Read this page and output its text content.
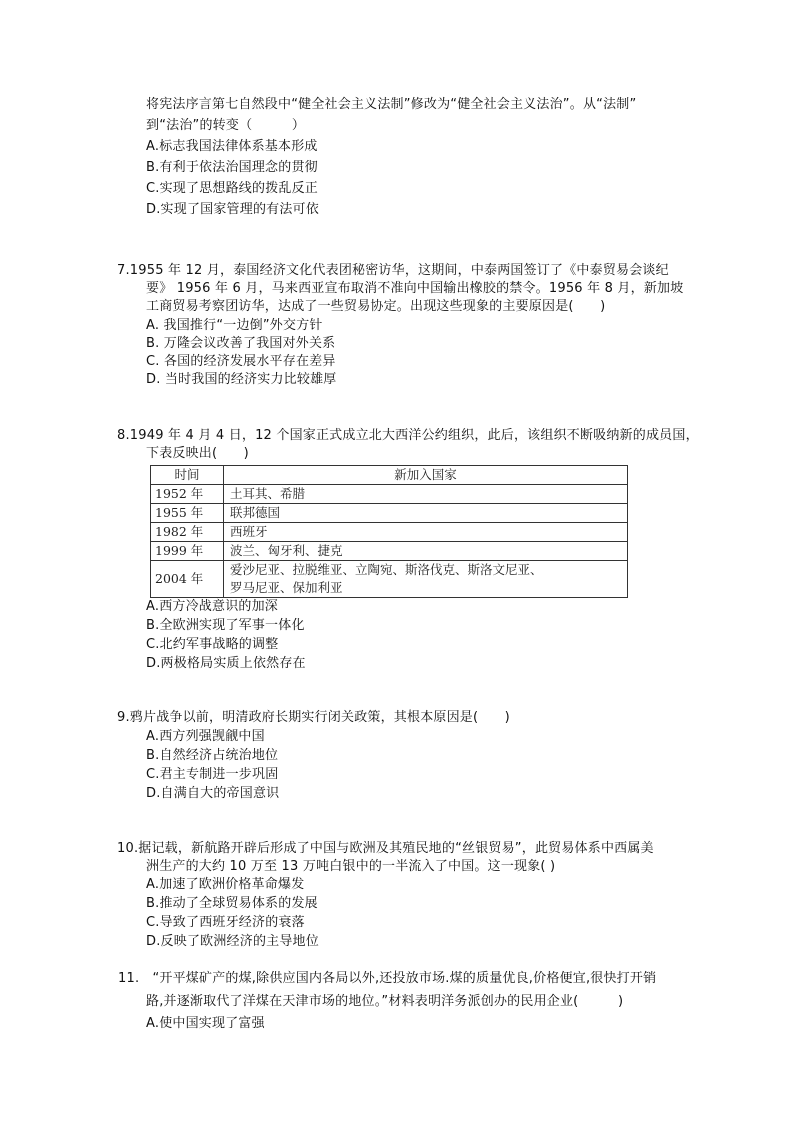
将宪法序言第七自然段中“健全社会主义法制”修改为“健全社会主义法治”。从“法制”
到“法治”的转变（　　　）
A.标志我国法律体系基本形成
B.有利于依法治国理念的贯彻
C.实现了思想路线的拨乱反正
D.实现了国家管理的有法可依
7.1955 年 12 月，泰国经济文化代表团秘密访华，这期间，中泰两国签订了《中泰贸易会谈纪
要》 1956 年 6 月，马来西亚宣布取消不准向中国输出橡胶的禁令。1956 年 8 月，新加坡
工商贸易考察团访华，达成了一些贸易协定。出现这些现象的主要原因是(　　)
A. 我国推行“一边倒”外交方针
B. 万隆会议改善了我国对外关系
C. 各国的经济发展水平存在差异
D. 当时我国的经济实力比较雄厚
8.1949 年 4 月 4 日，12 个国家正式成立北大西洋公约组织，此后，该组织不断吸纳新的成员国，
下表反映出(　　)
时间	新加入国家
1952 年	土耳其、希腊
1955 年	联邦德国
1982 年	西班牙
1999 年	波兰、匈牙利、捷克
2004 年	爱沙尼亚、拉脱维亚、立陶宛、斯洛伐克、斯洛文尼亚、
罗马尼亚、保加利亚
A.西方冷战意识的加深
B.全欧洲实现了军事一体化
C.北约军事战略的调整
D.两极格局实质上依然存在
9.鸦片战争以前，明清政府长期实行闭关政策，其根本原因是(　　)
A.西方列强觊觎中国
B.自然经济占统治地位
C.君主专制进一步巩固
D.自满自大的帝国意识
10.据记载，新航路开辟后形成了中国与欧洲及其殖民地的“丝银贸易”，此贸易体系中西属美
洲生产的大约 10 万至 13 万吨白银中的一半流入了中国。这一现象( )
A.加速了欧洲价格革命爆发
B.推动了全球贸易体系的发展
C.导致了西班牙经济的衰落
D.反映了欧洲经济的主导地位
11.　“开平煤矿产的煤,除供应国内各局以外,还投放市场.煤的质量优良,价格便宜,很快打开销
路,并逐渐取代了洋煤在天津市场的地位。”材料表明洋务派创办的民用企业(　　　)
A.使中国实现了富强
